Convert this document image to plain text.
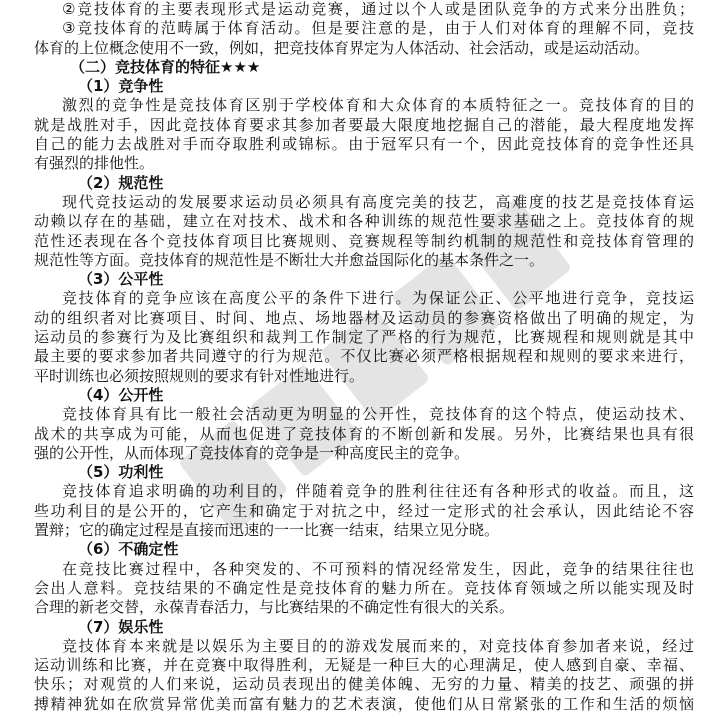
②竞技体育的主要表现形式是运动竞赛，通过以个人或是团队竞争的方式来分出胜负；
③竞技体育的范畴属于体育活动。但是要注意的是，由于人们对体育的理解不同，竞技
体育的上位概念使用不一致，例如，把竞技体育界定为人体活动、社会活动，或是运动活动。
（二）竞技体育的特征★★★
（1）竞争性
激烈的竞争性是竞技体育区别于学校体育和大众体育的本质特征之一。竞技体育的目的
就是战胜对手，因此竞技体育要求其参加者要最大限度地挖掘自己的潜能，最大程度地发挥
自己的能力去战胜对手而夺取胜利或锦标。由于冠军只有一个，因此竞技体育的竞争性还具
有强烈的排他性。
（2）规范性
现代竞技运动的发展要求运动员必须具有高度完美的技艺，高难度的技艺是竞技体育运
动赖以存在的基础，建立在对技术、战术和各种训练的规范性要求基础之上。竞技体育的规
范性还表现在各个竞技体育项目比赛规则、竞赛规程等制约机制的规范性和竞技体育管理的
规范性等方面。竞技体育的规范性是不断壮大并愈益国际化的基本条件之一。
（3）公平性
竞技体育的竞争应该在高度公平的条件下进行。为保证公正、公平地进行竞争，竞技运
动的组织者对比赛项目、时间、地点、场地器材及运动员的参赛资格做出了明确的规定，为
运动员的参赛行为及比赛组织和裁判工作制定了严格的行为规范，比赛规程和规则就是其中
最主要的要求参加者共同遵守的行为规范。不仅比赛必须严格根据规程和规则的要求来进行，
平时训练也必须按照规则的要求有针对性地进行。
（4）公开性
竞技体育具有比一般社会活动更为明显的公开性，竞技体育的这个特点，使运动技术、
战术的共享成为可能，从而也促进了竞技体育的不断创新和发展。另外，比赛结果也具有很
强的公开性，从而体现了竞技体育的竞争是一种高度民主的竞争。
（5）功利性
竞技体育追求明确的功利目的，伴随着竞争的胜利往往还有各种形式的收益。而且，这
些功利目的是公开的，它产生和确定于对抗之中，经过一定形式的社会承认，因此结论不容
置辩；它的确定过程是直接而迅速的一一比赛一结束，结果立见分晓。
（6）不确定性
在竞技比赛过程中，各种突发的、不可预料的情况经常发生，因此，竞争的结果往往也
会出人意料。竞技结果的不确定性是竞技体育的魅力所在。竞技体育领域之所以能实现及时
合理的新老交替，永葆青春活力，与比赛结果的不确定性有很大的关系。
（7）娱乐性
竞技体育本来就是以娱乐为主要目的的游戏发展而来的，对竞技体育参加者来说，经过
运动训练和比赛，并在竞赛中取得胜利，无疑是一种巨大的心理满足，使人感到自豪、幸福、
快乐；对观赏的人们来说，运动员表现出的健美体魄、无穷的力量、精美的技艺、顽强的拼
搏精神犹如在欣赏异常优美而富有魅力的艺术表演，使他们从日常紧张的工作和生活的烦恼
